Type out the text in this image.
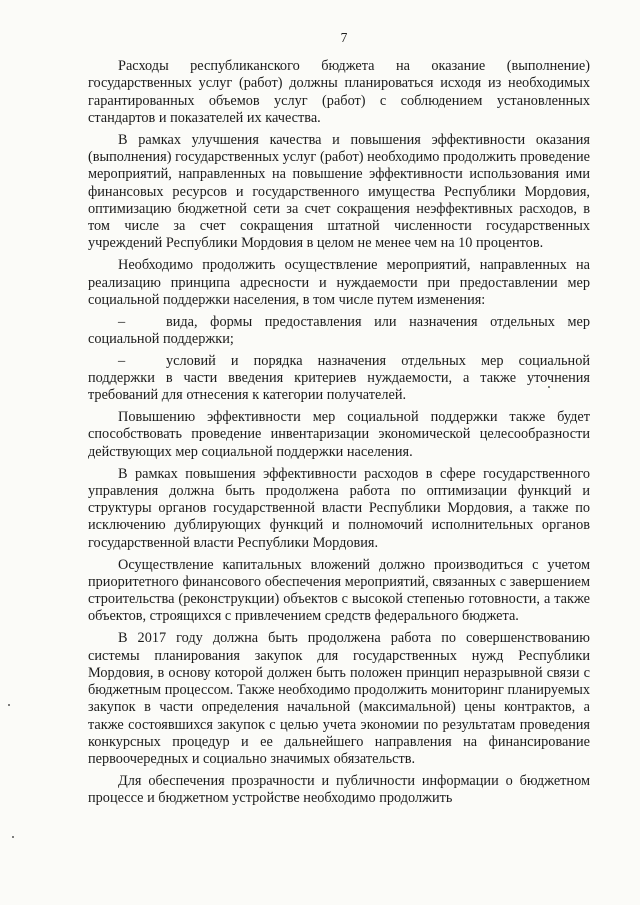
7

Расходы республиканского бюджета на оказание (выполнение) государственных услуг (работ) должны планироваться исходя из необходимых гарантированных объемов услуг (работ) с соблюдением установленных стандартов и показателей их качества.

В рамках улучшения качества и повышения эффективности оказания (выполнения) государственных услуг (работ) необходимо продолжить проведение мероприятий, направленных на повышение эффективности использования ими финансовых ресурсов и государственного имущества Республики Мордовия, оптимизацию бюджетной сети за счет сокращения неэффективных расходов, в том числе за счет сокращения штатной численности государственных учреждений Республики Мордовия в целом не менее чем на 10 процентов.

Необходимо продолжить осуществление мероприятий, направленных на реализацию принципа адресности и нуждаемости при предоставлении мер социальной поддержки населения, в том числе путем изменения:

–	вида, формы предоставления или назначения отдельных мер социальной поддержки;

–	условий и порядка назначения отдельных мер социальной поддержки в части введения критериев нуждаемости, а также уточнения требований для отнесения к категории получателей.

Повышению эффективности мер социальной поддержки также будет способствовать проведение инвентаризации экономической целесообразности действующих мер социальной поддержки населения.

В рамках повышения эффективности расходов в сфере государственного управления должна быть продолжена работа по оптимизации функций и структуры органов государственной власти Республики Мордовия, а также по исключению дублирующих функций и полномочий исполнительных органов государственной власти Республики Мордовия.

Осуществление капитальных вложений должно производиться с учетом приоритетного финансового обеспечения мероприятий, связанных с завершением строительства (реконструкции) объектов с высокой степенью готовности, а также объектов, строящихся с привлечением средств федерального бюджета.

В 2017 году должна быть продолжена работа по совершенствованию системы планирования закупок для государственных нужд Республики Мордовия, в основу которой должен быть положен принцип неразрывной связи с бюджетным процессом. Также необходимо продолжить мониторинг планируемых закупок в части определения начальной (максимальной) цены контрактов, а также состоявшихся закупок с целью учета экономии по результатам проведения конкурсных процедур и ее дальнейшего направления на финансирование первоочередных и социально значимых обязательств.

Для обеспечения прозрачности и публичности информации о бюджетном процессе и бюджетном устройстве необходимо продолжить
